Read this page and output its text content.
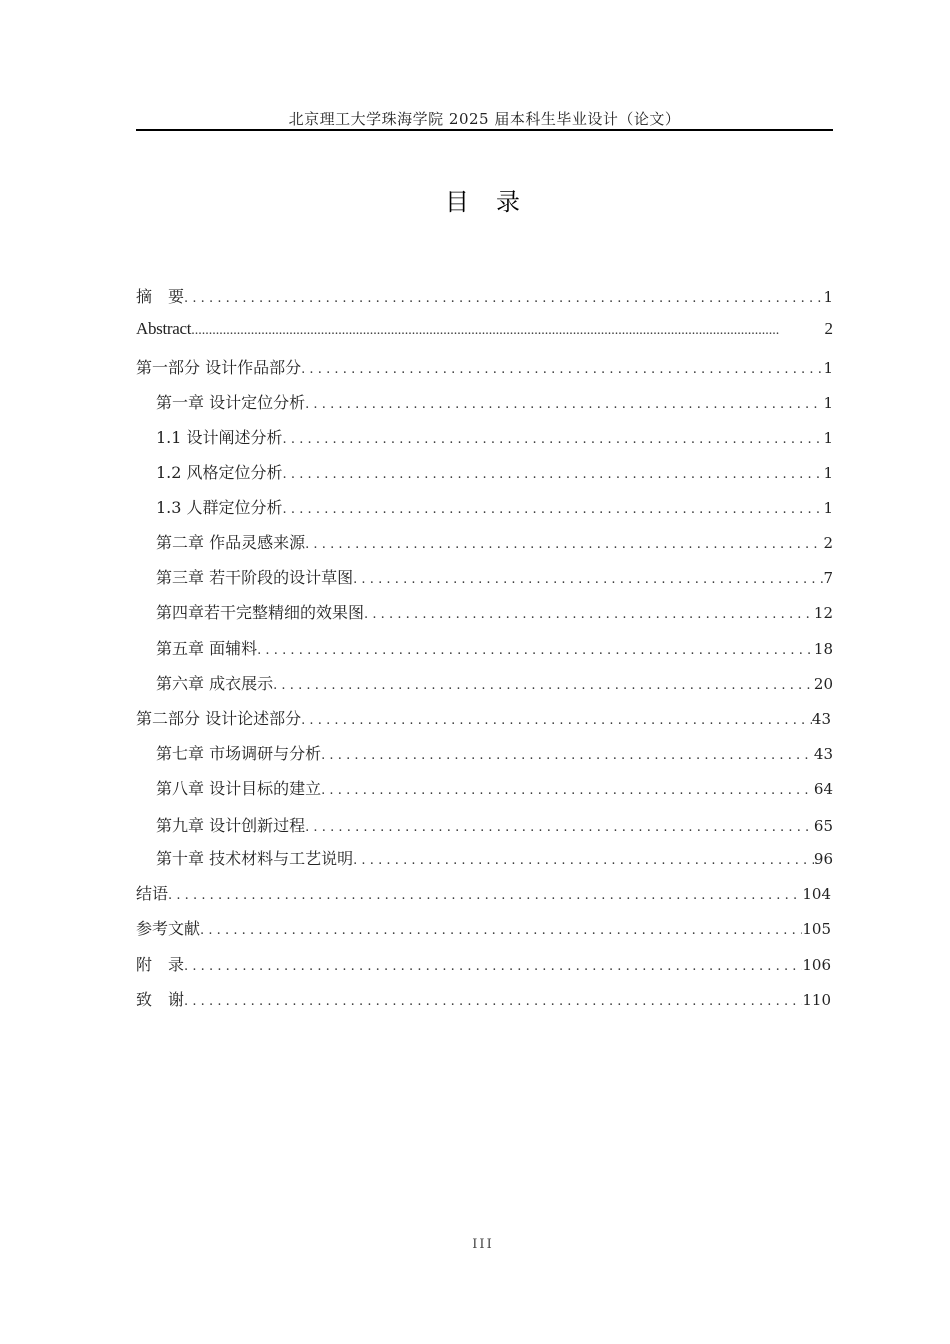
北京理工大学珠海学院 2025 届本科生毕业设计（论文）
目 录
摘　要 .....	1
Abstract .....	2
第一部分 设计作品部分 .....	1
第一章 设计定位分析 .....	1
1.1 设计阐述分析 .....	1
1.2 风格定位分析 .....	1
1.3 人群定位分析 .....	1
第二章 作品灵感来源 .....	2
第三章 若干阶段的设计草图 .....	7
第四章若干完整精细的效果图 .....	12
第五章 面辅料 .....	18
第六章 成衣展示 .....	20
第二部分 设计论述部分 .....	43
第七章 市场调研与分析 .....	43
第八章 设计目标的建立 .....	64
第九章 设计创新过程 .....	65
第十章 技术材料与工艺说明 .....	96
结语 .....	104
参考文献 .....	105
附　录 .....	106
致　谢 .....	110
III
